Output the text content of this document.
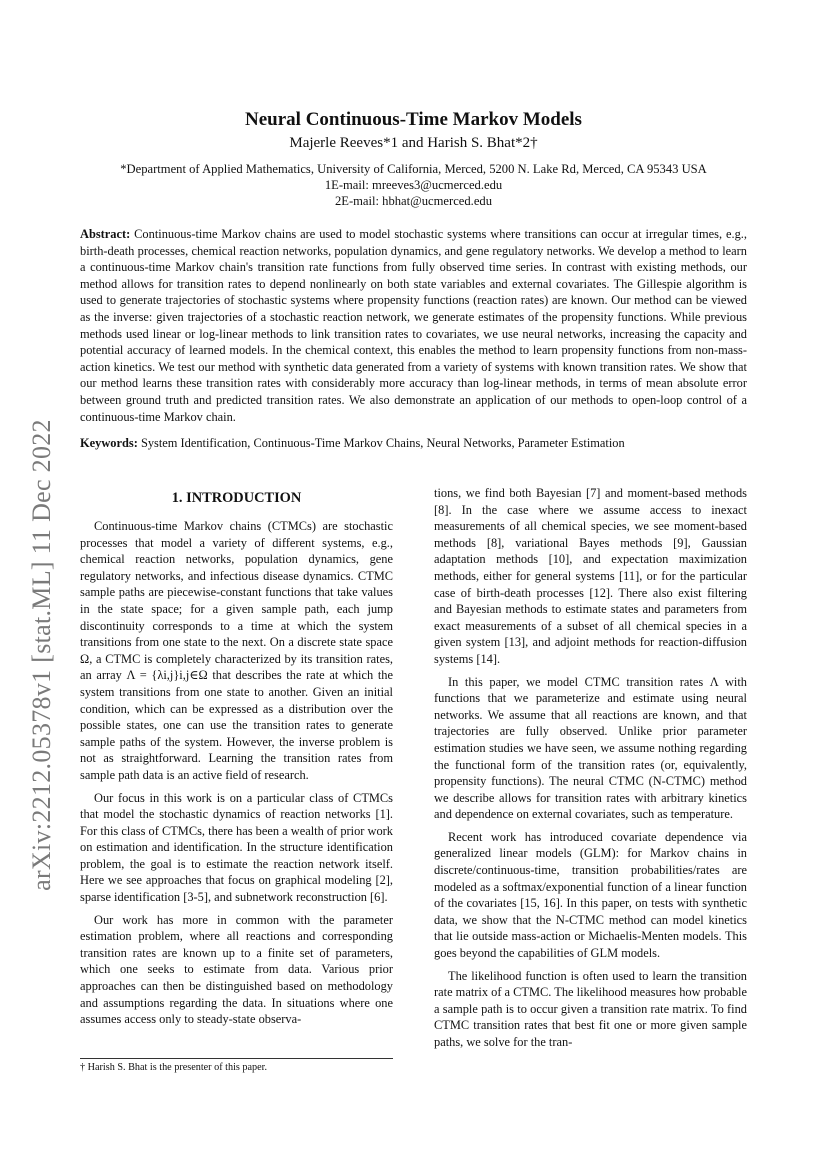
arXiv:2212.05378v1 [stat.ML] 11 Dec 2022
Neural Continuous-Time Markov Models
Majerle Reeves*1 and Harish S. Bhat*2†
*Department of Applied Mathematics, University of California, Merced, 5200 N. Lake Rd, Merced, CA 95343 USA
1E-mail: mreeves3@ucmerced.edu
2E-mail: hbhat@ucmerced.edu
Abstract: Continuous-time Markov chains are used to model stochastic systems where transitions can occur at irregular times, e.g., birth-death processes, chemical reaction networks, population dynamics, and gene regulatory networks. We develop a method to learn a continuous-time Markov chain's transition rate functions from fully observed time series. In contrast with existing methods, our method allows for transition rates to depend nonlinearly on both state variables and external covariates. The Gillespie algorithm is used to generate trajectories of stochastic systems where propensity functions (reaction rates) are known. Our method can be viewed as the inverse: given trajectories of a stochastic reaction network, we generate estimates of the propensity functions. While previous methods used linear or log-linear methods to link transition rates to covariates, we use neural networks, increasing the capacity and potential accuracy of learned models. In the chemical context, this enables the method to learn propensity functions from non-mass-action kinetics. We test our method with synthetic data generated from a variety of systems with known transition rates. We show that our method learns these transition rates with considerably more accuracy than log-linear methods, in terms of mean absolute error between ground truth and predicted transition rates. We also demonstrate an application of our methods to open-loop control of a continuous-time Markov chain.
Keywords: System Identification, Continuous-Time Markov Chains, Neural Networks, Parameter Estimation
1. INTRODUCTION

Continuous-time Markov chains (CTMCs) are stochastic processes that model a variety of different systems, e.g., chemical reaction networks, population dynamics, gene regulatory networks, and infectious disease dynamics. CTMC sample paths are piecewise-constant functions that take values in the state space; for a given sample path, each jump discontinuity corresponds to a time at which the system transitions from one state to the next. On a discrete state space Ω, a CTMC is completely characterized by its transition rates, an array Λ = {λi,j}i,j∈Ω that describes the rate at which the system transitions from one state to another. Given an initial condition, which can be expressed as a distribution over the possible states, one can use the transition rates to generate sample paths of the system. However, the inverse problem is not as straightforward. Learning the transition rates from sample path data is an active field of research.

Our focus in this work is on a particular class of CTMCs that model the stochastic dynamics of reaction networks [1]. For this class of CTMCs, there has been a wealth of prior work on estimation and identification. In the structure identification problem, the goal is to estimate the reaction network itself. Here we see approaches that focus on graphical modeling [2], sparse identification [3-5], and subnetwork reconstruction [6].

Our work has more in common with the parameter estimation problem, where all reactions and corresponding transition rates are known up to a finite set of parameters, which one seeks to estimate from data. Various prior approaches can then be distinguished based on methodology and assumptions regarding the data. In situations where one assumes access only to steady-state observa-

tions, we find both Bayesian [7] and moment-based methods [8]. In the case where we assume access to inexact measurements of all chemical species, we see moment-based methods [8], variational Bayes methods [9], Gaussian adaptation methods [10], and expectation maximization methods, either for general systems [11], or for the particular case of birth-death processes [12]. There also exist filtering and Bayesian methods to estimate states and parameters from exact measurements of a subset of all chemical species in a given system [13], and adjoint methods for reaction-diffusion systems [14].

In this paper, we model CTMC transition rates Λ with functions that we parameterize and estimate using neural networks. We assume that all reactions are known, and that trajectories are fully observed. Unlike prior parameter estimation studies we have seen, we assume nothing regarding the functional form of the transition rates (or, equivalently, propensity functions). The neural CTMC (N-CTMC) method we describe allows for transition rates with arbitrary kinetics and dependence on external covariates, such as temperature.

Recent work has introduced covariate dependence via generalized linear models (GLM): for Markov chains in discrete/continuous-time, transition probabilities/rates are modeled as a softmax/exponential function of a linear function of the covariates [15, 16]. In this paper, on tests with synthetic data, we show that the N-CTMC method can model kinetics that lie outside mass-action or Michaelis-Menten models. This goes beyond the capabilities of GLM models.

The likelihood function is often used to learn the transition rate matrix of a CTMC. The likelihood measures how probable a sample path is to occur given a transition rate matrix. To find CTMC transition rates that best fit one or more given sample paths, we solve for the tran-

† Harish S. Bhat is the presenter of this paper.
